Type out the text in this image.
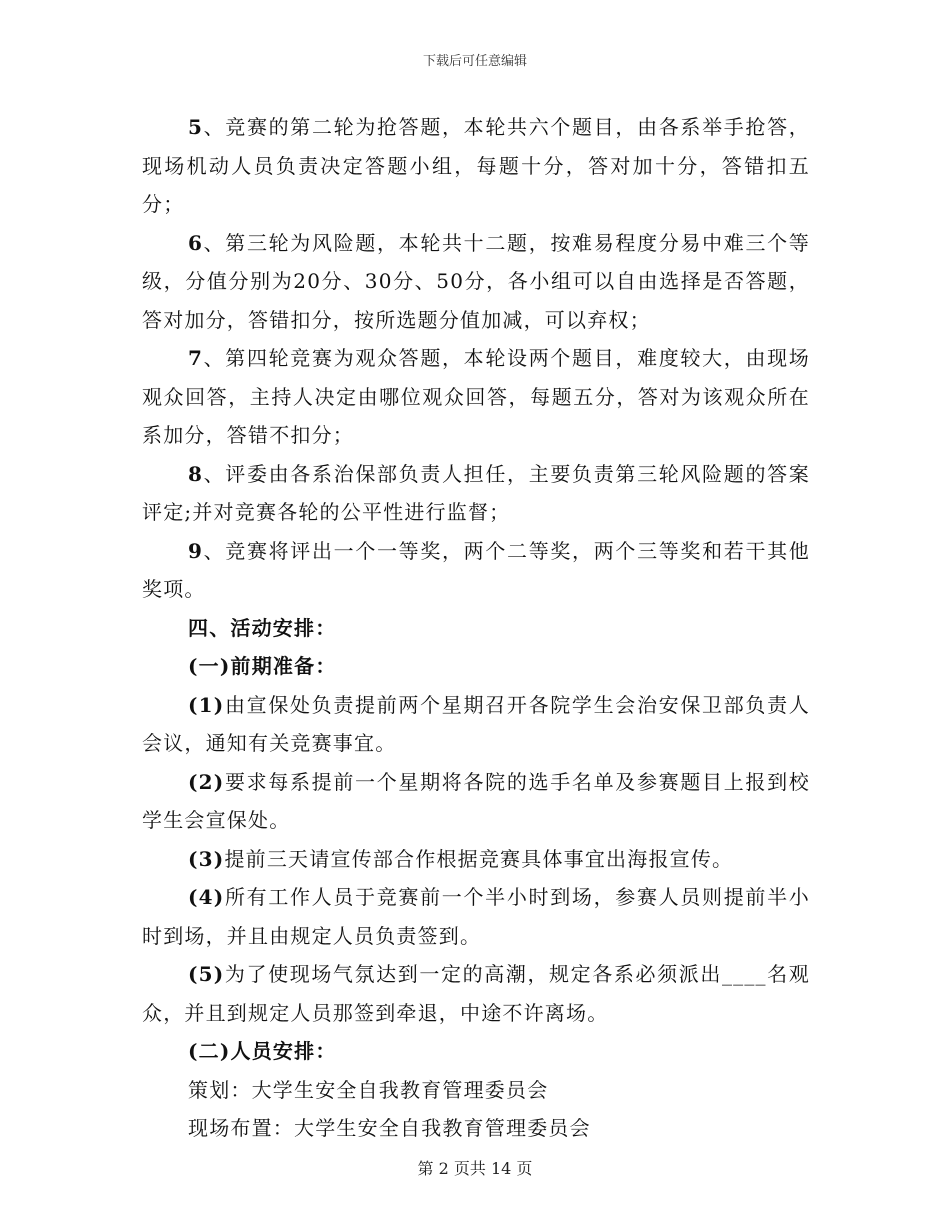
下载后可任意编辑

5、竞赛的第二轮为抢答题，本轮共六个题目，由各系举手抢答，现场机动人员负责决定答题小组，每题十分，答对加十分，答错扣五分；

6、第三轮为风险题，本轮共十二题，按难易程度分易中难三个等级，分值分别为20分、30分、50分，各小组可以自由选择是否答题，答对加分，答错扣分，按所选题分值加减，可以弃权；

7、第四轮竞赛为观众答题，本轮设两个题目，难度较大，由现场观众回答，主持人决定由哪位观众回答，每题五分，答对为该观众所在系加分，答错不扣分；

8、评委由各系治保部负责人担任，主要负责第三轮风险题的答案评定;并对竞赛各轮的公平性进行监督；

9、竞赛将评出一个一等奖，两个二等奖，两个三等奖和若干其他奖项。

四、活动安排：

(一)前期准备：

(1)由宣保处负责提前两个星期召开各院学生会治安保卫部负责人会议，通知有关竞赛事宜。

(2)要求每系提前一个星期将各院的选手名单及参赛题目上报到校学生会宣保处。

(3)提前三天请宣传部合作根据竞赛具体事宜出海报宣传。

(4)所有工作人员于竞赛前一个半小时到场，参赛人员则提前半小时到场，并且由规定人员负责签到。

(5)为了使现场气氛达到一定的高潮，规定各系必须派出____名观众，并且到规定人员那签到牵退，中途不许离场。

(二)人员安排：

策划：大学生安全自我教育管理委员会

现场布置：大学生安全自我教育管理委员会

第 2 页共 14 页
